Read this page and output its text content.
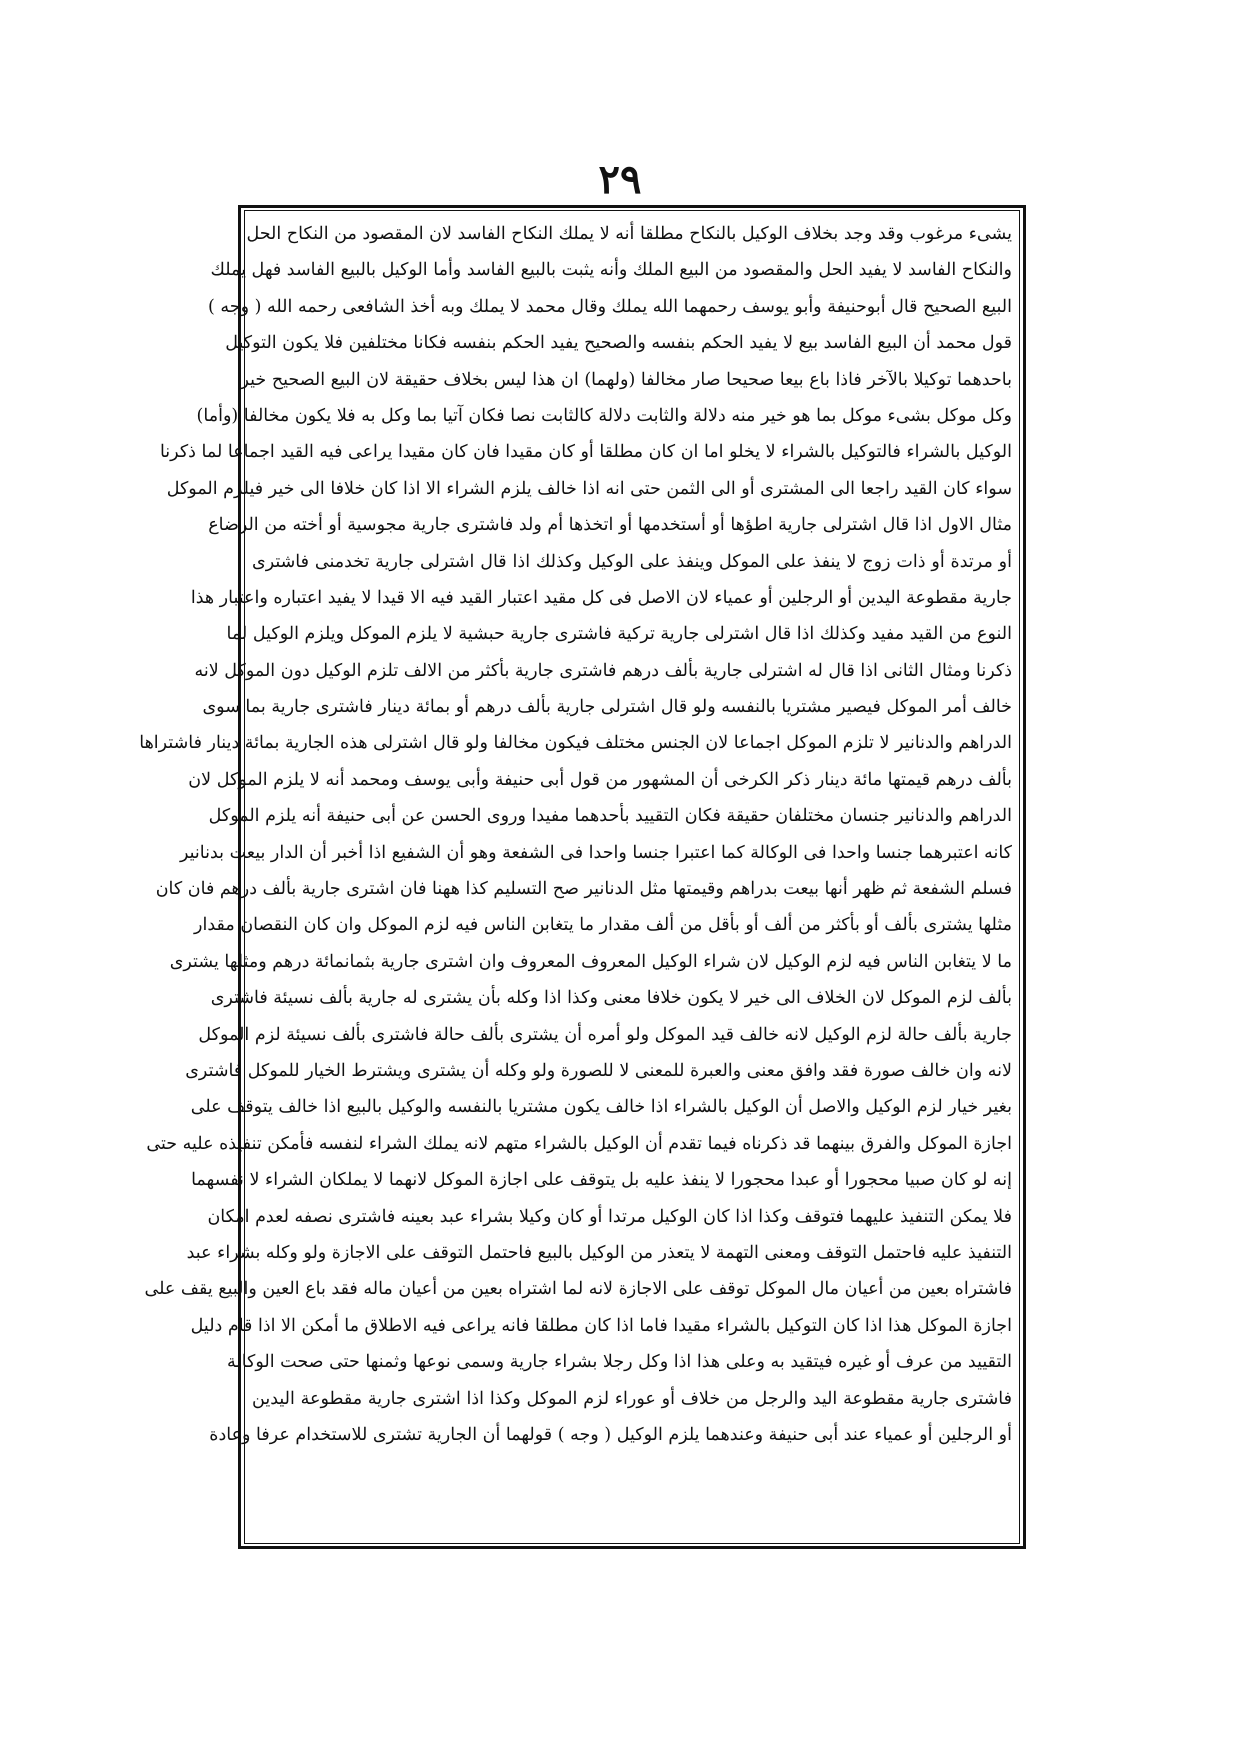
٢٩
يشىء مرغوب وقد وجد بخلاف الوكيل بالنكاح مطلقا أنه لا يملك النكاح الفاسد لان المقصود من النكاح الحل
والنكاح الفاسد لا يفيد الحل والمقصود من البيع الملك وأنه يثبت بالبيع الفاسد وأما الوكيل بالبيع الفاسد فهل يملك
البيع الصحيح قال أبوحنيفة وأبو يوسف رحمهما الله يملك وقال محمد لا يملك وبه أخذ الشافعى رحمه الله ( وجه )
قول محمد أن البيع الفاسد بيع لا يفيد الحكم بنفسه والصحيح يفيد الحكم بنفسه فكانا مختلفين فلا يكون التوكيل
باحدهما توكيلا بالآخر فاذا باع بيعا صحيحا صار مخالفا (ولهما) ان هذا ليس بخلاف حقيقة لان البيع الصحيح خير
وكل موكل بشىء موكل بما هو خير منه دلالة والثابت دلالة كالثابت نصا فكان آتيا بما وكل به فلا يكون مخالفا (وأما)
الوكيل بالشراء فالتوكيل بالشراء لا يخلو اما ان كان مطلقا أو كان مقيدا فان كان مقيدا يراعى فيه القيد اجماعا لما ذكرنا
سواء كان القيد راجعا الى المشترى أو الى الثمن حتى انه اذا خالف يلزم الشراء الا اذا كان خلافا الى خير فيلزم الموكل
مثال الاول اذا قال اشترلى جارية اطؤها أو أستخدمها أو اتخذها أم ولد فاشترى جارية مجوسية أو أخته من الرضاع
أو مرتدة أو ذات زوج لا ينفذ على الموكل وينفذ على الوكيل وكذلك اذا قال اشترلى جارية تخدمنى فاشترى
جارية مقطوعة اليدين أو الرجلين أو عمياء لان الاصل فى كل مقيد اعتبار القيد فيه الا قيدا لا يفيد اعتباره واعتبار هذا
النوع من القيد مفيد وكذلك اذا قال اشترلى جارية تركية فاشترى جارية حبشية لا يلزم الموكل ويلزم الوكيل لما
ذكرنا ومثال الثانى اذا قال له اشترلى جارية بألف درهم فاشترى جارية بأكثر من الالف تلزم الوكيل دون الموكل لانه
خالف أمر الموكل فيصير مشتريا بالنفسه ولو قال اشترلى جارية بألف درهم أو بمائة دينار فاشترى جارية بما سوى
الدراهم والدنانير لا تلزم الموكل اجماعا لان الجنس مختلف فيكون مخالفا ولو قال اشترلى هذه الجارية بمائة دينار فاشتراها
بألف درهم قيمتها مائة دينار ذكر الكرخى أن المشهور من قول أبى حنيفة وأبى يوسف ومحمد أنه لا يلزم الموكل لان
الدراهم والدنانير جنسان مختلفان حقيقة فكان التقييد بأحدهما مفيدا وروى الحسن عن أبى حنيفة أنه يلزم الموكل
كانه اعتبرهما جنسا واحدا فى الوكالة كما اعتبرا جنسا واحدا فى الشفعة وهو أن الشفيع اذا أخبر أن الدار بيعت بدنانير
فسلم الشفعة ثم ظهر أنها بيعت بدراهم وقيمتها مثل الدنانير صح التسليم كذا ههنا فان اشترى جارية بألف درهم فان كان
مثلها يشترى بألف أو بأكثر من ألف أو بأقل من ألف مقدار ما يتغابن الناس فيه لزم الموكل وان كان النقصان مقدار
ما لا يتغابن الناس فيه لزم الوكيل لان شراء الوكيل المعروف المعروف وان اشترى جارية بثمانمائة درهم ومثلها يشترى
بألف لزم الموكل لان الخلاف الى خير لا يكون خلافا معنى وكذا اذا وكله بأن يشترى له جارية بألف نسيئة فاشترى
جارية بألف حالة لزم الوكيل لانه خالف قيد الموكل ولو أمره أن يشترى بألف حالة فاشترى بألف نسيئة لزم الموكل
لانه وان خالف صورة فقد وافق معنى والعبرة للمعنى لا للصورة ولو وكله أن يشترى ويشترط الخيار للموكل فاشترى
بغير خيار لزم الوكيل والاصل أن الوكيل بالشراء اذا خالف يكون مشتريا بالنفسه والوكيل بالبيع اذا خالف يتوقف على
اجازة الموكل والفرق بينهما قد ذكرناه فيما تقدم أن الوكيل بالشراء متهم لانه يملك الشراء لنفسه فأمكن تنفيذه عليه حتى
إنه لو كان صبيا محجورا أو عبدا محجورا لا ينفذ عليه بل يتوقف على اجازة الموكل لانهما لا يملكان الشراء لا نفسهما
فلا يمكن التنفيذ عليهما فتوقف وكذا اذا كان الوكيل مرتدا أو كان وكيلا بشراء عبد بعينه فاشترى نصفه لعدم امكان
التنفيذ عليه فاحتمل التوقف ومعنى التهمة لا يتعذر من الوكيل بالبيع فاحتمل التوقف على الاجازة ولو وكله بشراء عبد
فاشتراه بعين من أعيان مال الموكل توقف على الاجازة لانه لما اشتراه بعين من أعيان ماله فقد باع العين والبيع يقف على
اجازة الموكل هذا اذا كان التوكيل بالشراء مقيدا فاما اذا كان مطلقا فانه يراعى فيه الاطلاق ما أمكن الا اذا قام دليل
التقييد من عرف أو غيره فيتقيد به وعلى هذا اذا وكل رجلا بشراء جارية وسمى نوعها وثمنها حتى صحت الوكالة
فاشترى جارية مقطوعة اليد والرجل من خلاف أو عوراء لزم الموكل وكذا اذا اشترى جارية مقطوعة اليدين
أو الرجلين أو عمياء عند أبى حنيفة وعندهما يلزم الوكيل ( وجه ) قولهما أن الجارية تشترى للاستخدام عرفا وعادة
